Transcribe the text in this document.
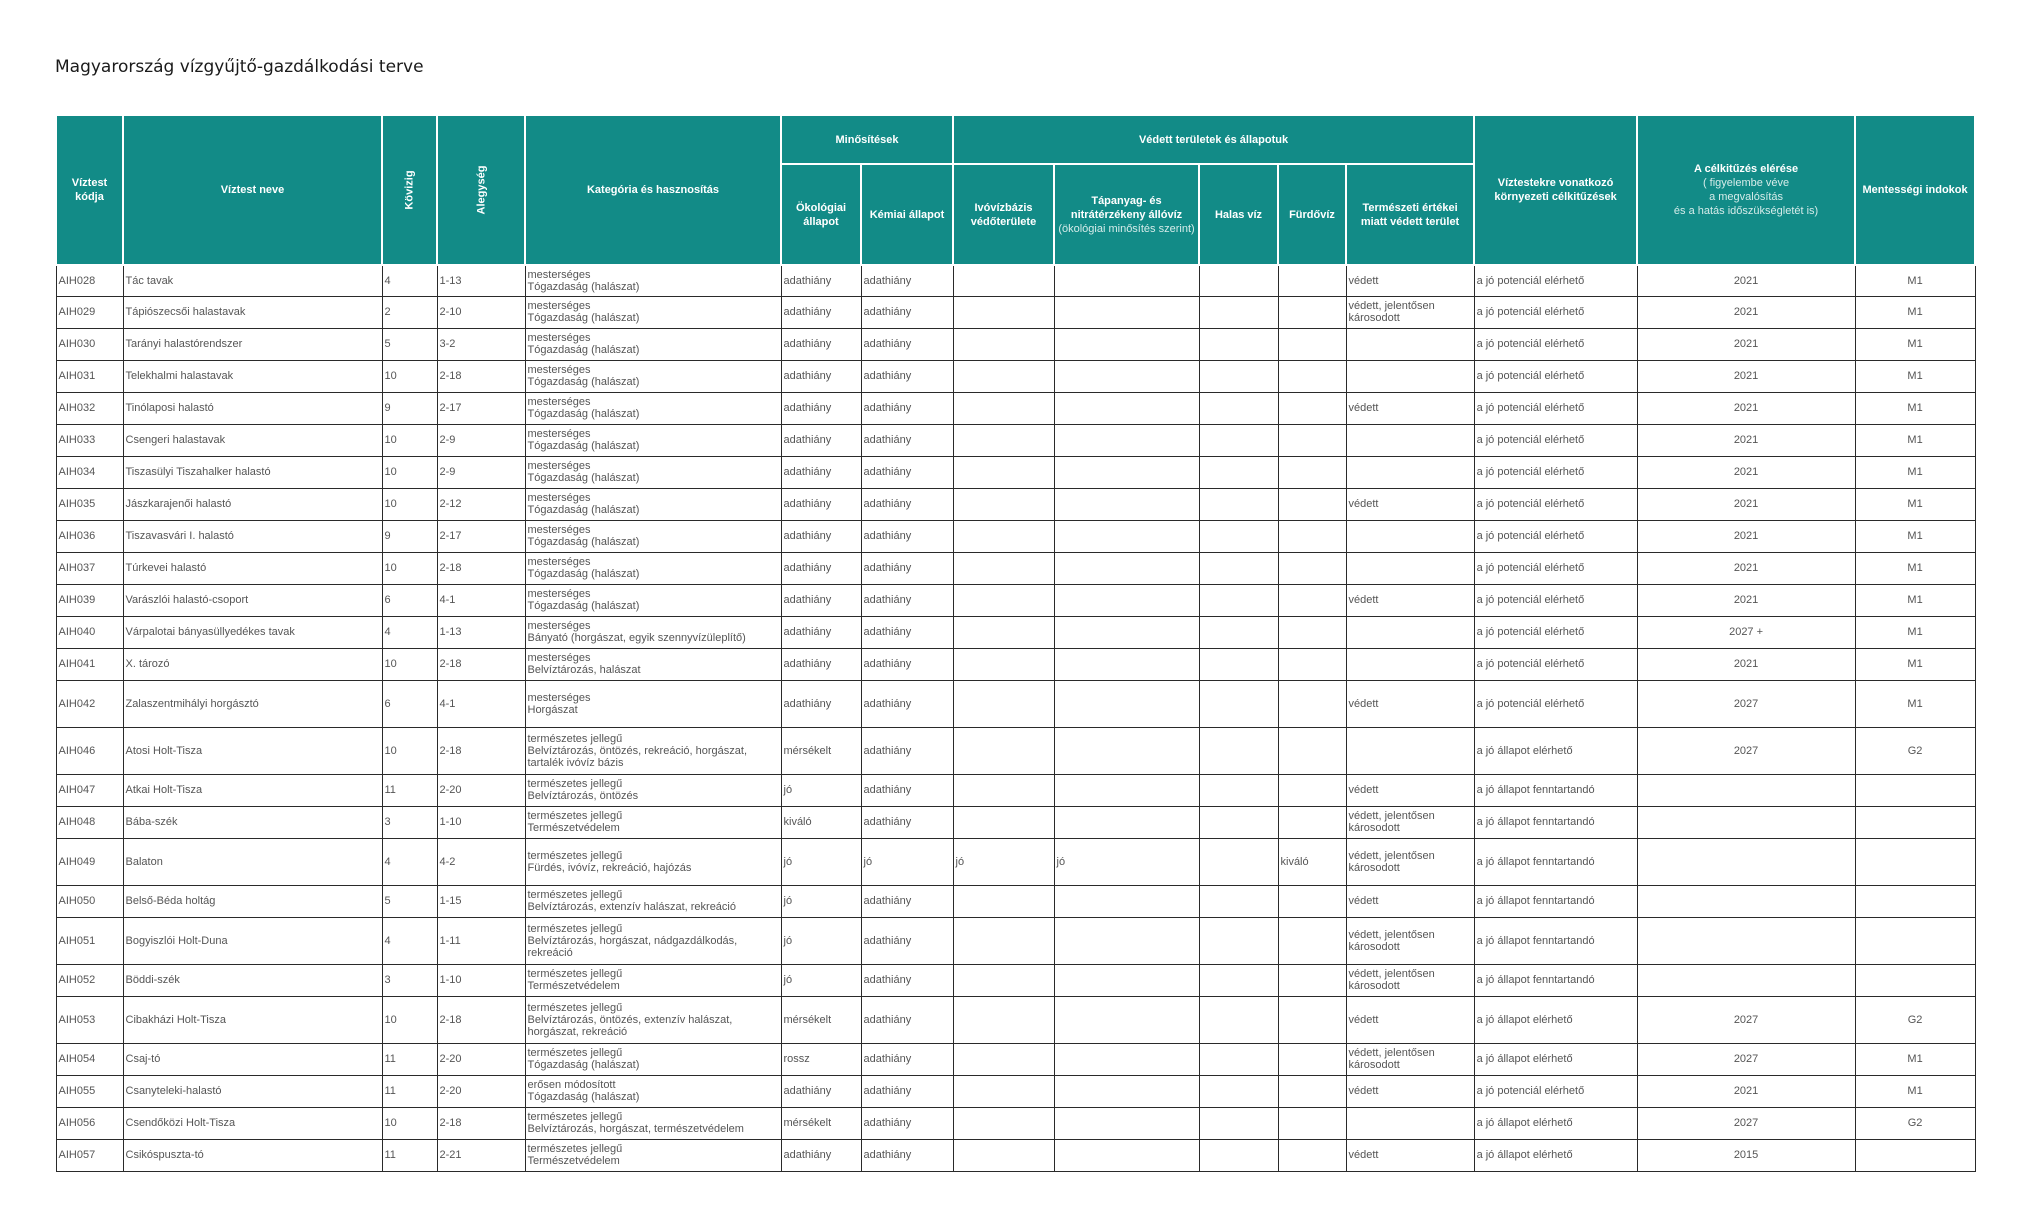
Magyarország vízgyűjtő-gazdálkodási terve
Víztest kódja	Víztest neve	Kövizig	Alegység	Kategória és hasznosítás	Minősítések		Védett területek és állapotuk					Víztestekre vonatkozó környezeti célkitűzések	A célkitűzés elérése
( figyelembe véve
a megvalósítás
és a hatás időszükségletét is)	Mentességi indokok
					Ökológiai állapot	Kémiai állapot	Ivóvízbázis védőterülete	Tápanyag- és nitrátérzékeny állóvíz
(ökológiai minősítés szerint)	Halas víz	Fürdővíz	Természeti értékei miatt védett terület			
AIH028	Tác tavak	4	1-13	mesterséges
Tógazdaság (halászat)	adathiány	adathiány					védett	a jó potenciál elérhető	2021	M1
AIH029	Tápiószecsői halastavak	2	2-10	mesterséges
Tógazdaság (halászat)	adathiány	adathiány					védett, jelentősen
károsodott	a jó potenciál elérhető	2021	M1
AIH030	Tarányi halastórendszer	5	3-2	mesterséges
Tógazdaság (halászat)	adathiány	adathiány						a jó potenciál elérhető	2021	M1
AIH031	Telekhalmi halastavak	10	2-18	mesterséges
Tógazdaság (halászat)	adathiány	adathiány						a jó potenciál elérhető	2021	M1
AIH032	Tinólaposi halastó	9	2-17	mesterséges
Tógazdaság (halászat)	adathiány	adathiány					védett	a jó potenciál elérhető	2021	M1
AIH033	Csengeri halastavak	10	2-9	mesterséges
Tógazdaság (halászat)	adathiány	adathiány						a jó potenciál elérhető	2021	M1
AIH034	Tiszasülyi Tiszahalker halastó	10	2-9	mesterséges
Tógazdaság (halászat)	adathiány	adathiány						a jó potenciál elérhető	2021	M1
AIH035	Jászkarajenői halastó	10	2-12	mesterséges
Tógazdaság (halászat)	adathiány	adathiány					védett	a jó potenciál elérhető	2021	M1
AIH036	Tiszavasvári I. halastó	9	2-17	mesterséges
Tógazdaság (halászat)	adathiány	adathiány						a jó potenciál elérhető	2021	M1
AIH037	Túrkevei halastó	10	2-18	mesterséges
Tógazdaság (halászat)	adathiány	adathiány						a jó potenciál elérhető	2021	M1
AIH039	Varászlói halastó-csoport	6	4-1	mesterséges
Tógazdaság (halászat)	adathiány	adathiány					védett	a jó potenciál elérhető	2021	M1
AIH040	Várpalotai bányasüllyedékes tavak	4	1-13	mesterséges
Bányató (horgászat, egyik szennyvízüleplítő)	adathiány	adathiány						a jó potenciál elérhető	2027 +	M1
AIH041	X. tározó	10	2-18	mesterséges
Belvíztározás, halászat	adathiány	adathiány						a jó potenciál elérhető	2021	M1
AIH042	Zalaszentmihályi horgásztó	6	4-1	mesterséges
Horgászat	adathiány	adathiány					védett	a jó potenciál elérhető	2027	M1
AIH046	Atosi Holt-Tisza	10	2-18	természetes jellegű
Belvíztározás, öntözés, rekreáció, horgászat,
tartalék ivóvíz bázis	mérsékelt	adathiány						a jó állapot elérhető	2027	G2
AIH047	Atkai Holt-Tisza	11	2-20	természetes jellegű
Belvíztározás, öntözés	jó	adathiány					védett	a jó állapot fenntartandó		
AIH048	Bába-szék	3	1-10	természetes jellegű
Természetvédelem	kiváló	adathiány					védett, jelentősen
károsodott	a jó állapot fenntartandó		
AIH049	Balaton	4	4-2	természetes jellegű
Fürdés, ivóvíz, rekreáció, hajózás	jó	jó	jó	jó		kiváló	védett, jelentősen
károsodott	a jó állapot fenntartandó		
AIH050	Belső-Béda holtág	5	1-15	természetes jellegű
Belvíztározás, extenzív halászat, rekreáció	jó	adathiány					védett	a jó állapot fenntartandó		
AIH051	Bogyiszlói Holt-Duna	4	1-11	természetes jellegű
Belvíztározás, horgászat, nádgazdálkodás,
rekreáció	jó	adathiány					védett, jelentősen
károsodott	a jó állapot fenntartandó		
AIH052	Böddi-szék	3	1-10	természetes jellegű
Természetvédelem	jó	adathiány					védett, jelentősen
károsodott	a jó állapot fenntartandó		
AIH053	Cibakházi Holt-Tisza	10	2-18	természetes jellegű
Belvíztározás, öntözés, extenzív halászat,
horgászat, rekreáció	mérsékelt	adathiány					védett	a jó állapot elérhető	2027	G2
AIH054	Csaj-tó	11	2-20	természetes jellegű
Tógazdaság (halászat)	rossz	adathiány					védett, jelentősen
károsodott	a jó állapot elérhető	2027	M1
AIH055	Csanyteleki-halastó	11	2-20	erősen módosított
Tógazdaság (halászat)	adathiány	adathiány					védett	a jó potenciál elérhető	2021	M1
AIH056	Csendőközi Holt-Tisza	10	2-18	természetes jellegű
Belvíztározás, horgászat, természetvédelem	mérsékelt	adathiány						a jó állapot elérhető	2027	G2
AIH057	Csikóspuszta-tó	11	2-21	természetes jellegű
Természetvédelem	adathiány	adathiány					védett	a jó állapot elérhető	2015	
